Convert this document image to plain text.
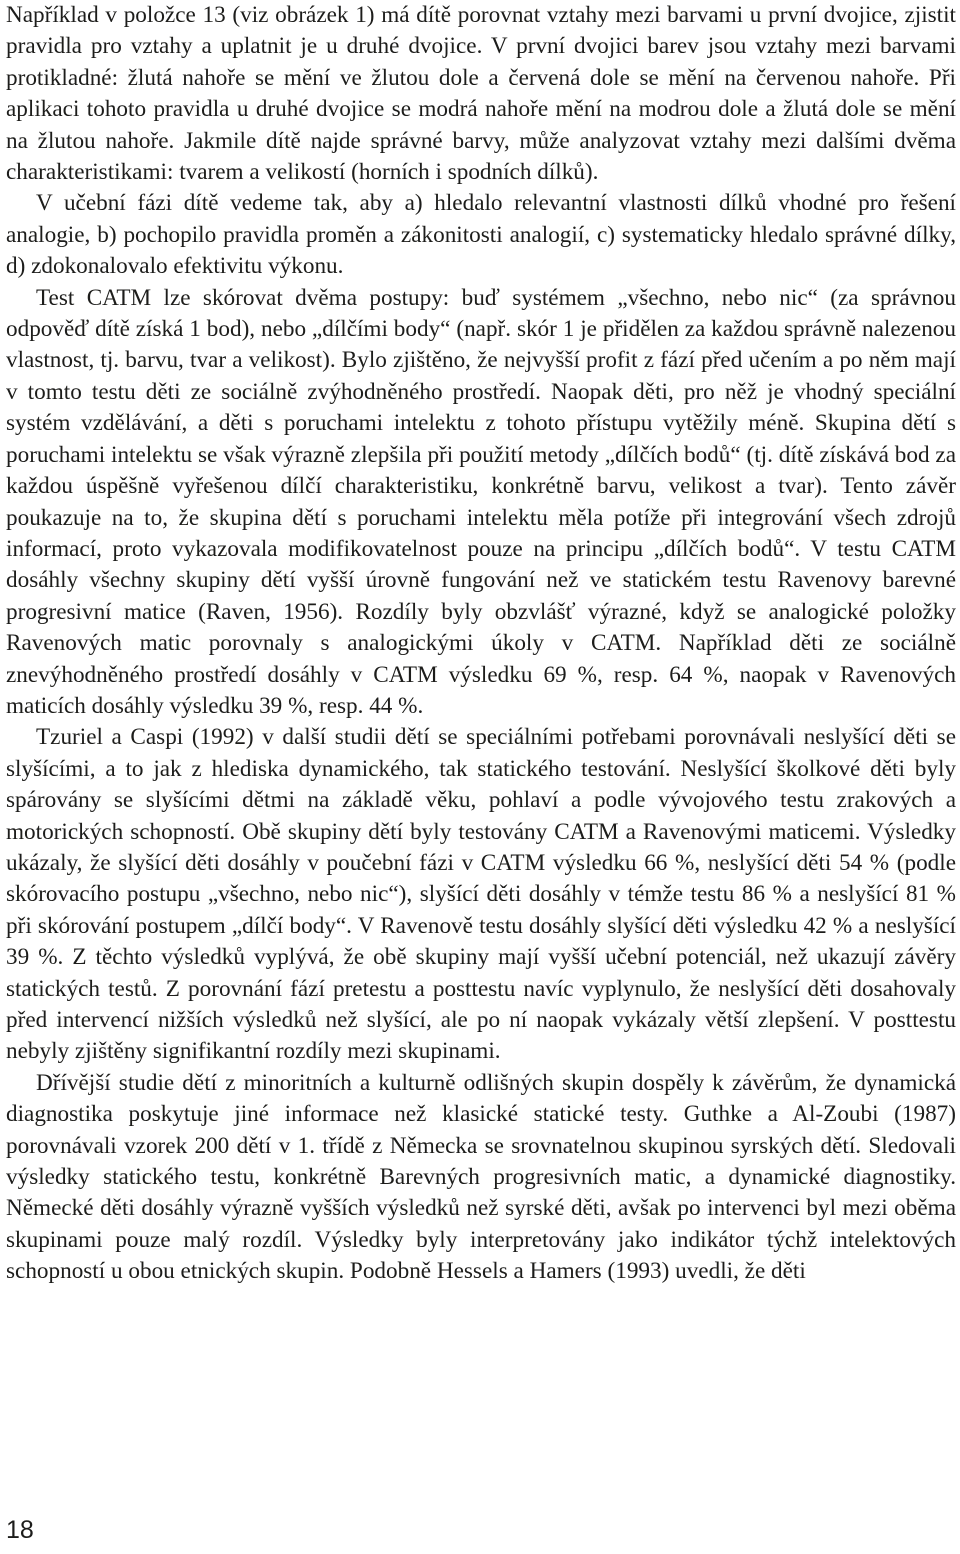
Například v položce 13 (viz obrázek 1) má dítě porovnat vztahy mezi barvami u první dvojice, zjistit pravidla pro vztahy a uplatnit je u druhé dvojice. V první dvojici barev jsou vztahy mezi barvami protikladné: žlutá nahoře se mění ve žlutou dole a červená dole se mění na červenou nahoře. Při aplikaci tohoto pravidla u druhé dvojice se modrá nahoře mění na modrou dole a žlutá dole se mění na žlutou nahoře. Jakmile dítě najde správné barvy, může analyzovat vztahy mezi dalšími dvěma charakteristikami: tvarem a velikostí (horních i spodních dílků).

V učební fázi dítě vedeme tak, aby a) hledalo relevantní vlastnosti dílků vhodné pro řešení analogie, b) pochopilo pravidla proměn a zákonitosti analogií, c) systematicky hledalo správné dílky, d) zdokonalovalo efektivitu výkonu.

Test CATM lze skórovat dvěma postupy: buď systémem „všechno, nebo nic“ (za správnou odpověď dítě získá 1 bod), nebo „dílčími body“ (např. skór 1 je přidělen za každou správně nalezenou vlastnost, tj. barvu, tvar a velikost). Bylo zjištěno, že nejvyšší profit z fází před učením a po něm mají v tomto testu děti ze sociálně zvýhodněného prostředí. Naopak děti, pro něž je vhodný speciální systém vzdělávání, a děti s poruchami intelektu z tohoto přístupu vytěžily méně. Skupina dětí s poruchami intelektu se však výrazně zlepšila při použití metody „dílčích bodů“ (tj. dítě získává bod za každou úspěšně vyřešenou dílčí charakteristiku, konkrétně barvu, velikost a tvar). Tento závěr poukazuje na to, že skupina dětí s poruchami intelektu měla potíže při integrování všech zdrojů informací, proto vykazovala modifikovatelnost pouze na principu „dílčích bodů“. V testu CATM dosáhly všechny skupiny dětí vyšší úrovně fungování než ve statickém testu Ravenovy barevné progresivní matice (Raven, 1956). Rozdíly byly obzvlášť výrazné, když se analogické položky Ravenových matic porovnaly s analogickými úkoly v CATM. Například děti ze sociálně znevýhodněného prostředí dosáhly v CATM výsledku 69 %, resp. 64 %, naopak v Ravenových maticích dosáhly výsledku 39 %, resp. 44 %.

Tzuriel a Caspi (1992) v další studii dětí se speciálními potřebami porovnávali neslyšící děti se slyšícími, a to jak z hlediska dynamického, tak statického testování. Neslyšící školkové děti byly spárovány se slyšícími dětmi na základě věku, pohlaví a podle vývojového testu zrakových a motorických schopností. Obě skupiny dětí byly testovány CATM a Ravenovými maticemi. Výsledky ukázaly, že slyšící děti dosáhly v poučební fázi v CATM výsledku 66 %, neslyšící děti 54 % (podle skórovacího postupu „všechno, nebo nic“), slyšící děti dosáhly v témže testu 86 % a neslyšící 81 % při skórování postupem „dílčí body“. V Ravenově testu dosáhly slyšící děti výsledku 42 % a neslyšící 39 %. Z těchto výsledků vyplývá, že obě skupiny mají vyšší učební potenciál, než ukazují závěry statických testů. Z porovnání fází pretestu a posttestu navíc vyplynulo, že neslyšící děti dosahovaly před intervencí nižších výsledků než slyšící, ale po ní naopak vykázaly větší zlepšení. V posttestu nebyly zjištěny signifikantní rozdíly mezi skupinami.

Dřívější studie dětí z minoritních a kulturně odlišných skupin dospěly k závěrům, že dynamická diagnostika poskytuje jiné informace než klasické statické testy. Guthke a Al-Zoubi (1987) porovnávali vzorek 200 dětí v 1. třídě z Německa se srovnatelnou skupinou syrských dětí. Sledovali výsledky statického testu, konkrétně Barevných progresivních matic, a dynamické diagnostiky. Německé děti dosáhly výrazně vyšších výsledků než syrské děti, avšak po intervenci byl mezi oběma skupinami pouze malý rozdíl. Výsledky byly interpretovány jako indikátor týchž intelektových schopností u obou etnických skupin. Podobně Hessels a Hamers (1993) uvedli, že děti

18
